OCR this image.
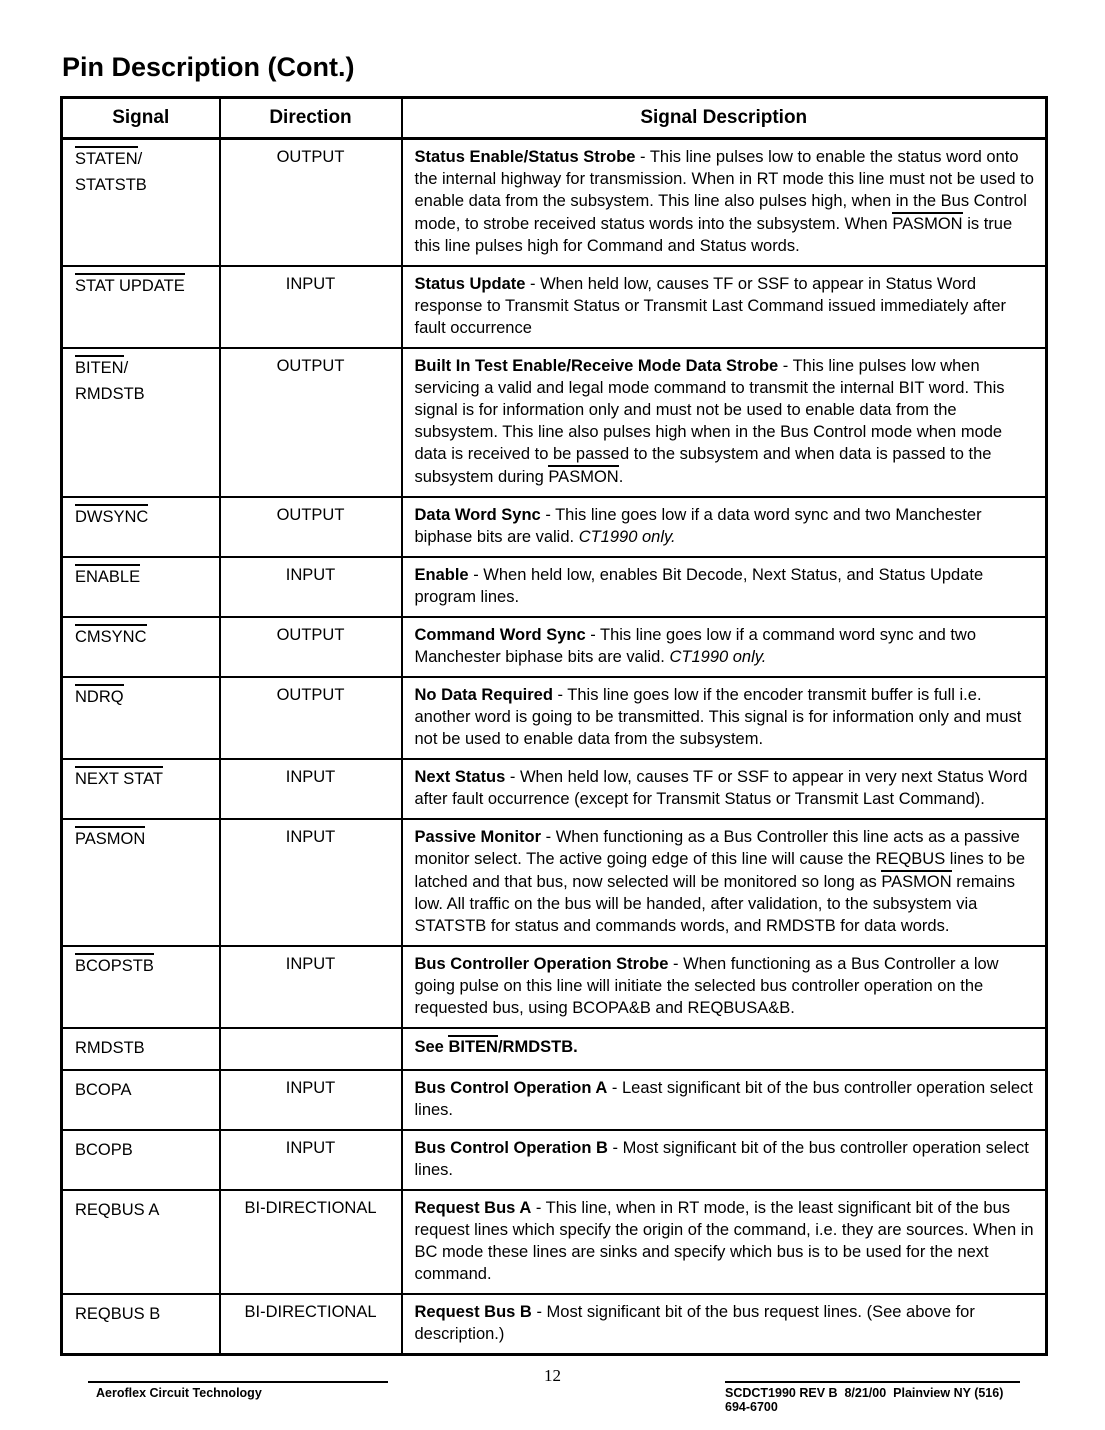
Pin Description (Cont.)
Signal	Direction	Signal Description

STATEN/
STATSTB	OUTPUT	Status Enable/Status Strobe - This line pulses low to enable the status word onto the internal highway for transmission. When in RT mode this line must not be used to enable data from the subsystem. This line also pulses high, when in the Bus Control mode, to strobe received status words into the subsystem. When PASMON is true this line pulses high for Command and Status words.

STAT UPDATE	INPUT	Status Update - When held low, causes TF or SSF to appear in Status Word response to Transmit Status or Transmit Last Command issued immediately after fault occurrence

BITEN/
RMDSTB	OUTPUT	Built In Test Enable/Receive Mode Data Strobe - This line pulses low when servicing a valid and legal mode command to transmit the internal BIT word. This signal is for information only and must not be used to enable data from the subsystem. This line also pulses high when in the Bus Control mode when mode data is received to be passed to the subsystem and when data is passed to the subsystem during PASMON.

DWSYNC	OUTPUT	Data Word Sync - This line goes low if a data word sync and two Manchester biphase bits are valid. CT1990 only.

ENABLE	INPUT	Enable - When held low, enables Bit Decode, Next Status, and Status Update program lines.

CMSYNC	OUTPUT	Command Word Sync - This line goes low if a command word sync and two Manchester biphase bits are valid. CT1990 only.

NDRQ	OUTPUT	No Data Required - This line goes low if the encoder transmit buffer is full i.e. another word is going to be transmitted. This signal is for information only and must not be used to enable data from the subsystem.

NEXT STAT	INPUT	Next Status - When held low, causes TF or SSF to appear in very next Status Word after fault occurrence (except for Transmit Status or Transmit Last Command).

PASMON	INPUT	Passive Monitor - When functioning as a Bus Controller this line acts as a passive monitor select. The active going edge of this line will cause the REQBUS lines to be latched and that bus, now selected will be monitored so long as PASMON remains low. All traffic on the bus will be handed, after validation, to the subsystem via STATSTB for status and commands words, and RMDSTB for data words.

BCOPSTB	INPUT	Bus Controller Operation Strobe - When functioning as a Bus Controller a low going pulse on this line will initiate the selected bus controller operation on the requested bus, using BCOPA&B and REQBUSA&B.

RMDSTB		See BITEN/RMDSTB.

BCOPA	INPUT	Bus Control Operation A - Least significant bit of the bus controller operation select lines.

BCOPB	INPUT	Bus Control Operation B - Most significant bit of the bus controller operation select lines.

REQBUS A	BI-DIRECTIONAL	Request Bus A - This line, when in RT mode, is the least significant bit of the bus request lines which specify the origin of the command, i.e. they are sources. When in BC mode these lines are sinks and specify which bus is to be used for the next command.

REQBUS B	BI-DIRECTIONAL	Request Bus B - Most significant bit of the bus request lines. (See above for description.)
Aeroflex Circuit Technology
12
SCDCT1990 REV B  8/21/00  Plainview NY (516) 694-6700
